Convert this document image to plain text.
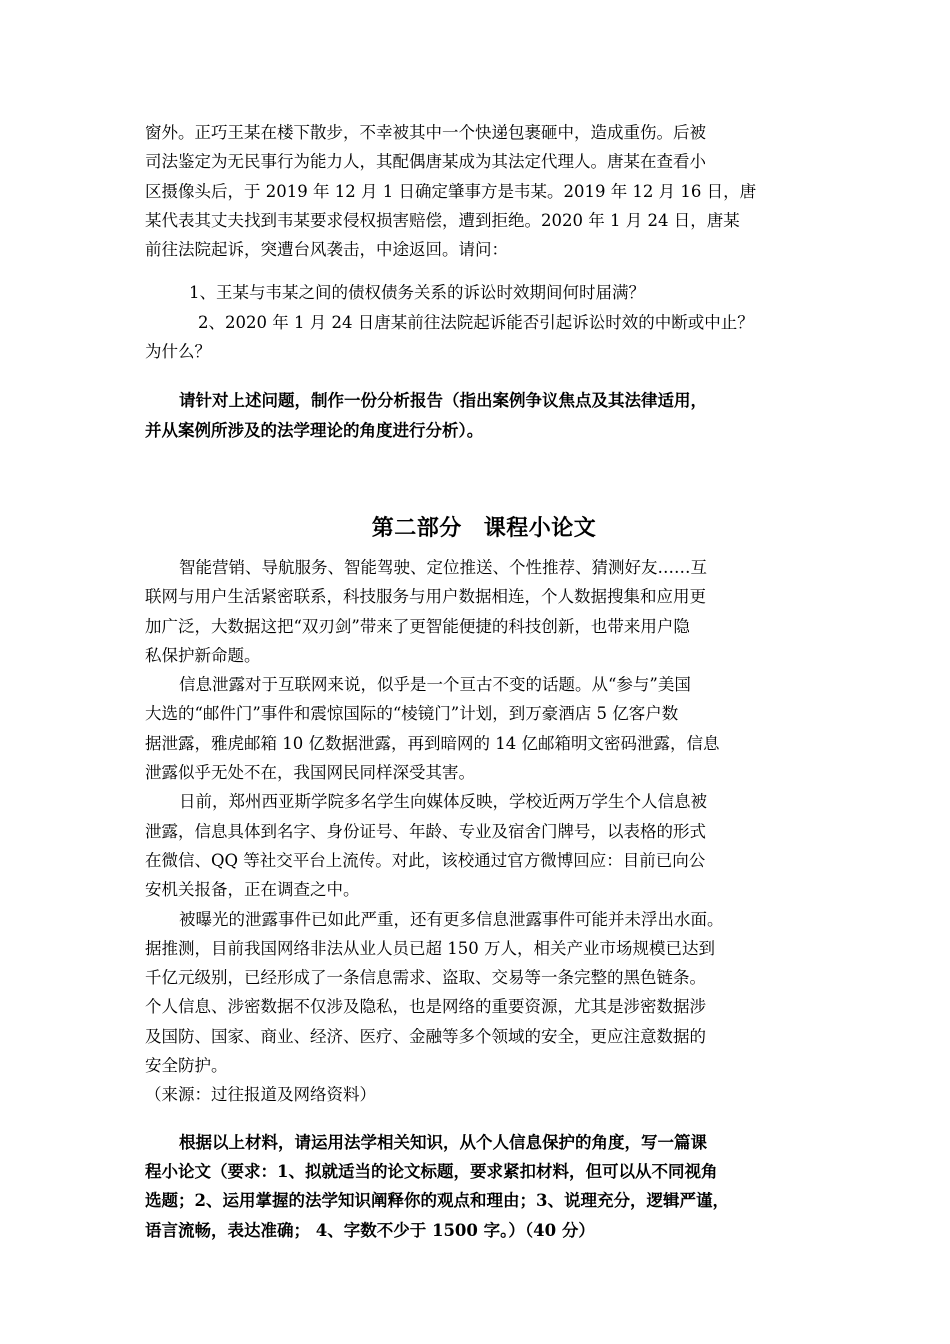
窗外。正巧王某在楼下散步，不幸被其中一个快递包裹砸中，造成重伤。后被

司法鉴定为无民事行为能力人，其配偶唐某成为其法定代理人。唐某在查看小

区摄像头后，于 2019 年 12 月 1 日确定肇事方是韦某。2019 年 12 月 16 日，唐

某代表其丈夫找到韦某要求侵权损害赔偿，遭到拒绝。2020 年 1 月 24 日，唐某

前往法院起诉，突遭台风袭击，中途返回。请问：

1、王某与韦某之间的债权债务关系的诉讼时效期间何时届满？

2、2020 年 1 月 24 日唐某前往法院起诉能否引起诉讼时效的中断或中止？

为什么？

请针对上述问题，制作一份分析报告（指出案例争议焦点及其法律适用，

并从案例所涉及的法学理论的角度进行分析）。

第二部分 课程小论文

智能营销、导航服务、智能驾驶、定位推送、个性推荐、猜测好友……互

联网与用户生活紧密联系，科技服务与用户数据相连，个人数据搜集和应用更

加广泛，大数据这把“双刃剑”带来了更智能便捷的科技创新，也带来用户隐

私保护新命题。

信息泄露对于互联网来说，似乎是一个亘古不变的话题。从“参与”美国

大选的“邮件门”事件和震惊国际的“棱镜门”计划，到万豪酒店 5 亿客户数

据泄露，雅虎邮箱 10 亿数据泄露，再到暗网的 14 亿邮箱明文密码泄露，信息

泄露似乎无处不在，我国网民同样深受其害。

日前，郑州西亚斯学院多名学生向媒体反映，学校近两万学生个人信息被

泄露，信息具体到名字、身份证号、年龄、专业及宿舍门牌号，以表格的形式

在微信、QQ 等社交平台上流传。对此，该校通过官方微博回应：目前已向公

安机关报备，正在调查之中。

被曝光的泄露事件已如此严重，还有更多信息泄露事件可能并未浮出水面。

据推测，目前我国网络非法从业人员已超 150 万人，相关产业市场规模已达到

千亿元级别，已经形成了一条信息需求、盗取、交易等一条完整的黑色链条。

个人信息、涉密数据不仅涉及隐私，也是网络的重要资源，尤其是涉密数据涉

及国防、国家、商业、经济、医疗、金融等多个领域的安全，更应注意数据的

安全防护。

（来源：过往报道及网络资料）

根据以上材料，请运用法学相关知识，从个人信息保护的角度，写一篇课

程小论文（要求：1、拟就适当的论文标题，要求紧扣材料，但可以从不同视角

选题；2、运用掌握的法学知识阐释你的观点和理由；3、说理充分，逻辑严谨，

语言流畅，表达准确； 4、字数不少于 1500 字。）（40 分）
